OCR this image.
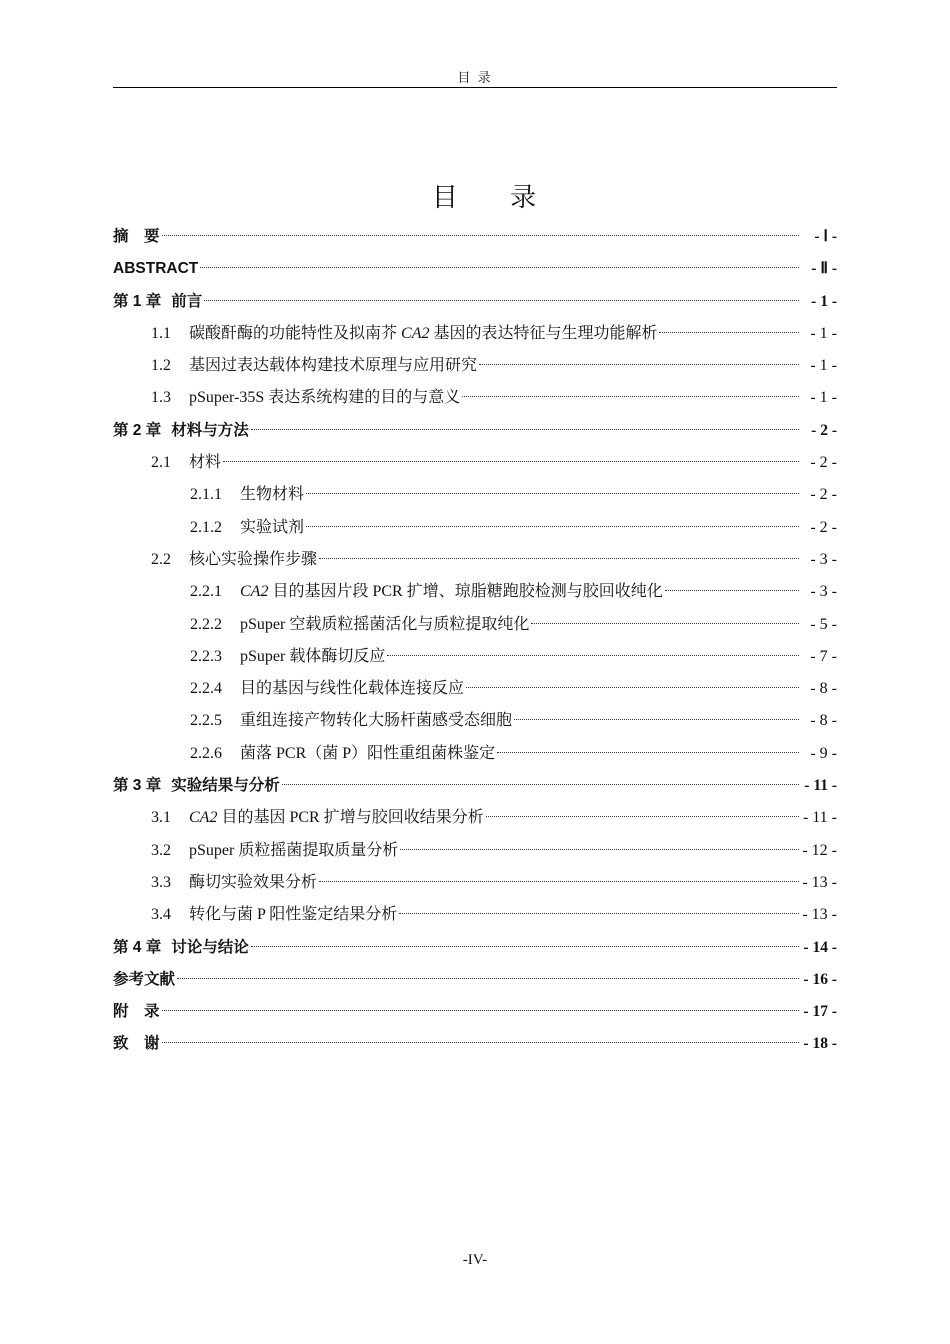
目 录
目 录
摘　要	- Ⅰ -
ABSTRACT	- Ⅱ -
第 1 章 前言	- 1 -
1.1	碳酸酐酶的功能特性及拟南芥 CA2 基因的表达特征与生理功能解析	- 1 -
1.2	基因过表达载体构建技术原理与应用研究	- 1 -
1.3	pSuper-35S 表达系统构建的目的与意义	- 1 -
第 2 章 材料与方法	- 2 -
2.1	材料	- 2 -
2.1.1	生物材料	- 2 -
2.1.2	实验试剂	- 2 -
2.2	核心实验操作步骤	- 3 -
2.2.1	CA2 目的基因片段 PCR 扩增、琼脂糖跑胶检测与胶回收纯化	- 3 -
2.2.2	pSuper 空载质粒摇菌活化与质粒提取纯化	- 5 -
2.2.3	pSuper 载体酶切反应	- 7 -
2.2.4	目的基因与线性化载体连接反应	- 8 -
2.2.5	重组连接产物转化大肠杆菌感受态细胞	- 8 -
2.2.6	菌落 PCR（菌 P）阳性重组菌株鉴定	- 9 -
第 3 章 实验结果与分析	- 11 -
3.1	CA2 目的基因 PCR 扩增与胶回收结果分析	- 11 -
3.2	pSuper 质粒摇菌提取质量分析	- 12 -
3.3	酶切实验效果分析	- 13 -
3.4	转化与菌 P 阳性鉴定结果分析	- 13 -
第 4 章 讨论与结论	- 14 -
参考文献	- 16 -
附　录	- 17 -
致　谢	- 18 -
-IV-
